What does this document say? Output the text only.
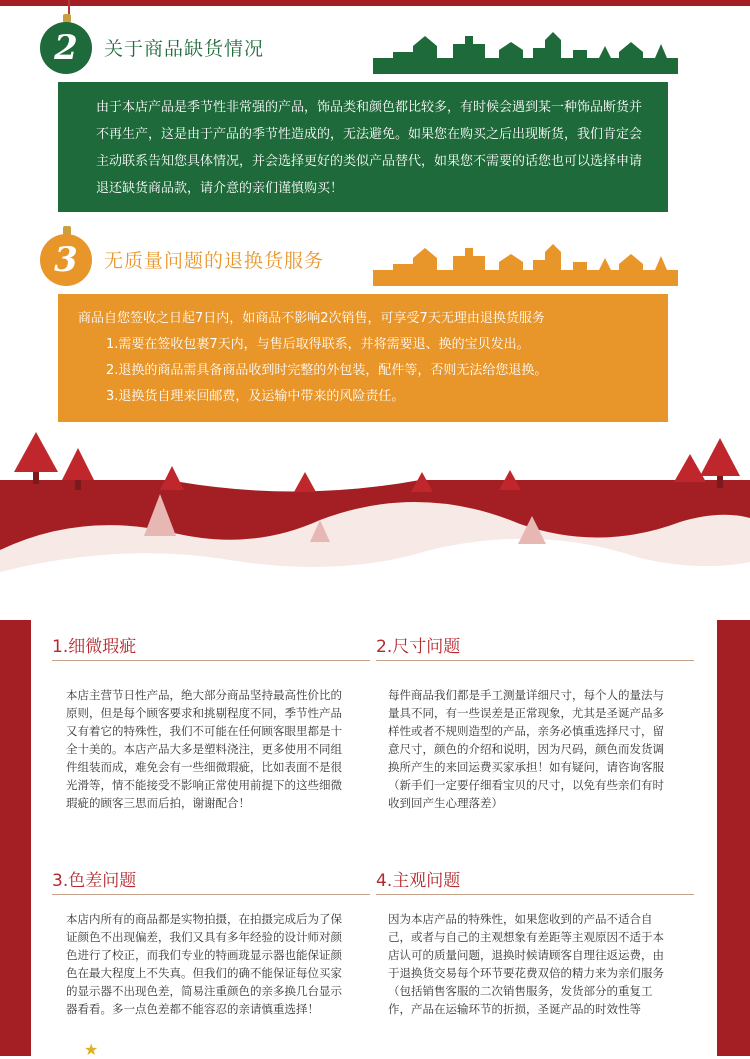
2	关于商品缺货情况
由于本店产品是季节性非常强的产品，饰品类和颜色都比较多，有时候会遇到某一种饰品断货并不再生产，这是由于产品的季节性造成的，无法避免。如果您在购买之后出现断货，我们肯定会主动联系告知您具体情况，并会选择更好的类似产品替代，如果您不需要的话您也可以选择申请退还缺货商品款，请介意的亲们谨慎购买！
3	无质量问题的退换货服务
商品自您签收之日起7日内，如商品不影响2次销售，可享受7天无理由退换货服务
1.需要在签收包裹7天内，与售后取得联系，并将需要退、换的宝贝发出。
2.退换的商品需具备商品收到时完整的外包装，配件等，否则无法给您退换。
3.退换货自理来回邮费，及运输中带来的风险责任。
特别注意
1.细微瑕疵
本店主营节日性产品，绝大部分商品坚持最高性价比的原则，但是每个顾客要求和挑剔程度不同，季节性产品又有着它的特殊性，我们不可能在任何顾客眼里都是十全十美的。本店产品大多是塑料浇注，更多使用不同组件组装而成，难免会有一些细微瑕疵，比如表面不是很光滑等，情不能接受不影响正常使用前提下的这些细微瑕疵的顾客三思而后拍，谢谢配合！
2.尺寸问题
每件商品我们都是手工测量详细尺寸，每个人的量法与量具不同，有一些误差是正常现象，尤其是圣诞产品多样性或者不规则造型的产品，亲务必慎重选择尺寸，留意尺寸，颜色的介绍和说明，因为尺码，颜色而发货调换所产生的来回运费买家承担！如有疑问，请咨询客服（新手们一定要仔细看宝贝的尺寸，以免有些亲们有时收到回产生心理落差）
3.色差问题
本店内所有的商品都是实物拍摄，在拍摄完成后为了保证颜色不出现偏差，我们又具有多年经验的设计师对颜色进行了校正，而我们专业的特画珑显示器也能保证颜色在最大程度上不失真。但我们的确不能保证每位买家的显示器不出现色差，简易注重颜色的亲多换几台显示器看看。多一点色差都不能容忍的亲请慎重选择！
4.主观问题
因为本店产品的特殊性，如果您收到的产品不适合自己，或者与自己的主观想象有差距等主观原因不适于本店认可的质量问题，退换时候请顾客自理往返运费，由于退换货交易每个环节要花费双倍的精力来为亲们服务（包括销售客服的二次销售服务，发货部分的重复工作，产品在运输环节的折损，圣诞产品的时效性等
★
